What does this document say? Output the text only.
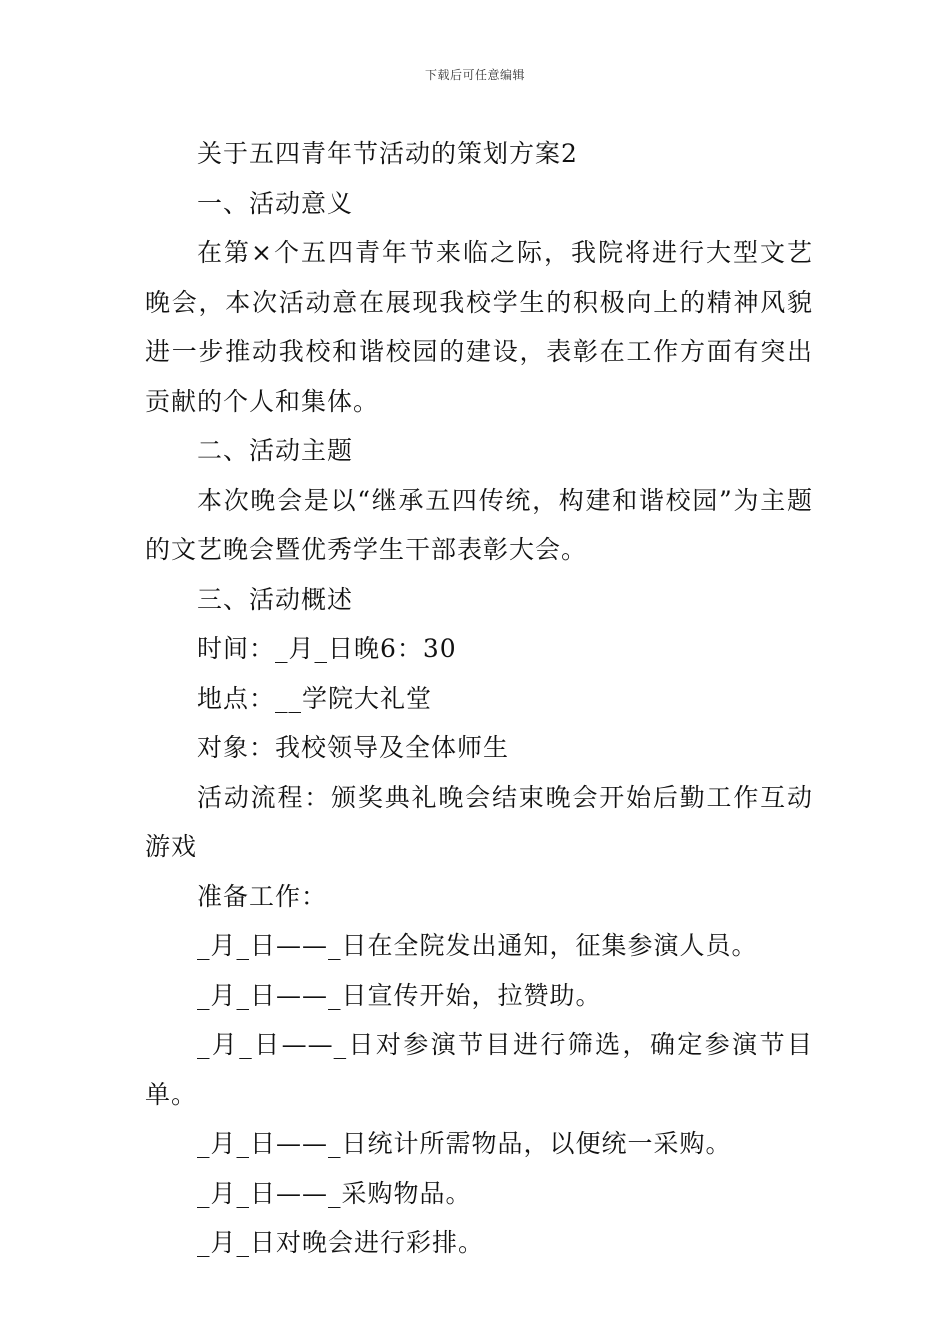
下载后可任意编辑

关于五四青年节活动的策划方案2

一、活动意义

在第×个五四青年节来临之际，我院将进行大型文艺晚会，本次活动意在展现我校学生的积极向上的精神风貌进一步推动我校和谐校园的建设，表彰在工作方面有突出贡献的个人和集体。

二、活动主题

本次晚会是以“继承五四传统，构建和谐校园”为主题的文艺晚会暨优秀学生干部表彰大会。

三、活动概述

时间：_月_日晚6：30

地点：__学院大礼堂

对象：我校领导及全体师生

活动流程：颁奖典礼晚会结束晚会开始后勤工作互动游戏

准备工作：

_月_日——_日在全院发出通知，征集参演人员。

_月_日——_日宣传开始，拉赞助。

_月_日——_日对参演节目进行筛选，确定参演节目单。

_月_日——_日统计所需物品，以便统一采购。

_月_日——_采购物品。

_月_日对晚会进行彩排。
